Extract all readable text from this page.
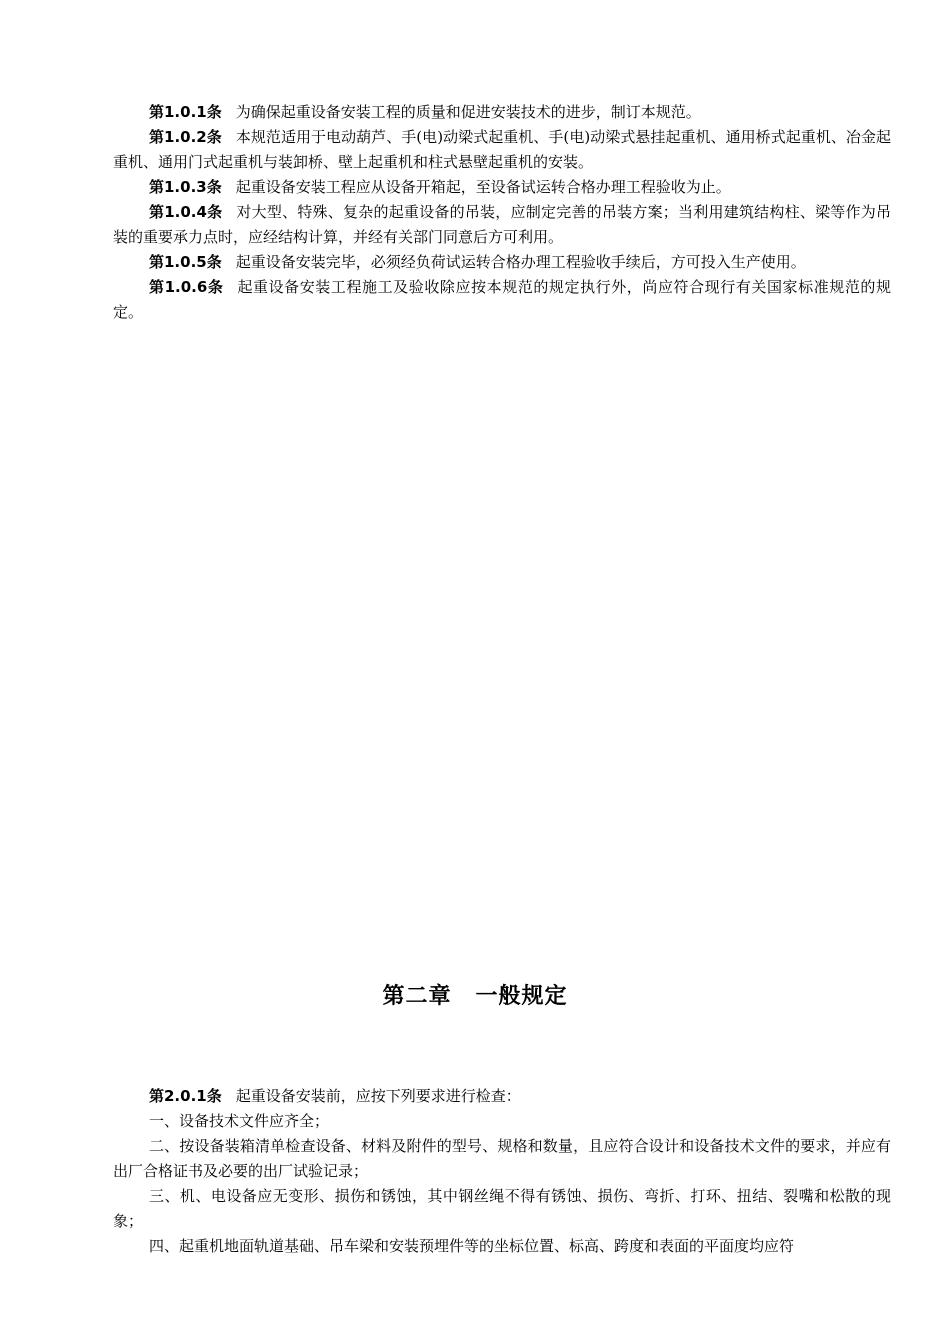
第1.0.1条 为确保起重设备安装工程的质量和促进安装技术的进步，制订本规范。

第1.0.2条 本规范适用于电动葫芦、手(电)动梁式起重机、手(电)动梁式悬挂起重机、通用桥式起重机、冶金起重机、通用门式起重机与装卸桥、壁上起重机和柱式悬壁起重机的安装。

第1.0.3条 起重设备安装工程应从设备开箱起，至设备试运转合格办理工程验收为止。

第1.0.4条 对大型、特殊、复杂的起重设备的吊装，应制定完善的吊装方案；当利用建筑结构柱、梁等作为吊装的重要承力点时，应经结构计算，并经有关部门同意后方可利用。

第1.0.5条 起重设备安装完毕，必须经负荷试运转合格办理工程验收手续后，方可投入生产使用。

第1.0.6条 起重设备安装工程施工及验收除应按本规范的规定执行外，尚应符合现行有关国家标准规范的规定。

第二章 一般规定

第2.0.1条 起重设备安装前，应按下列要求进行检查：

一、设备技术文件应齐全；

二、按设备装箱清单检查设备、材料及附件的型号、规格和数量，且应符合设计和设备技术文件的要求，并应有出厂合格证书及必要的出厂试验记录；

三、机、电设备应无变形、损伤和锈蚀，其中钢丝绳不得有锈蚀、损伤、弯折、打环、扭结、裂嘴和松散的现象；

四、起重机地面轨道基础、吊车梁和安装预埋件等的坐标位置、标高、跨度和表面的平面度均应符
